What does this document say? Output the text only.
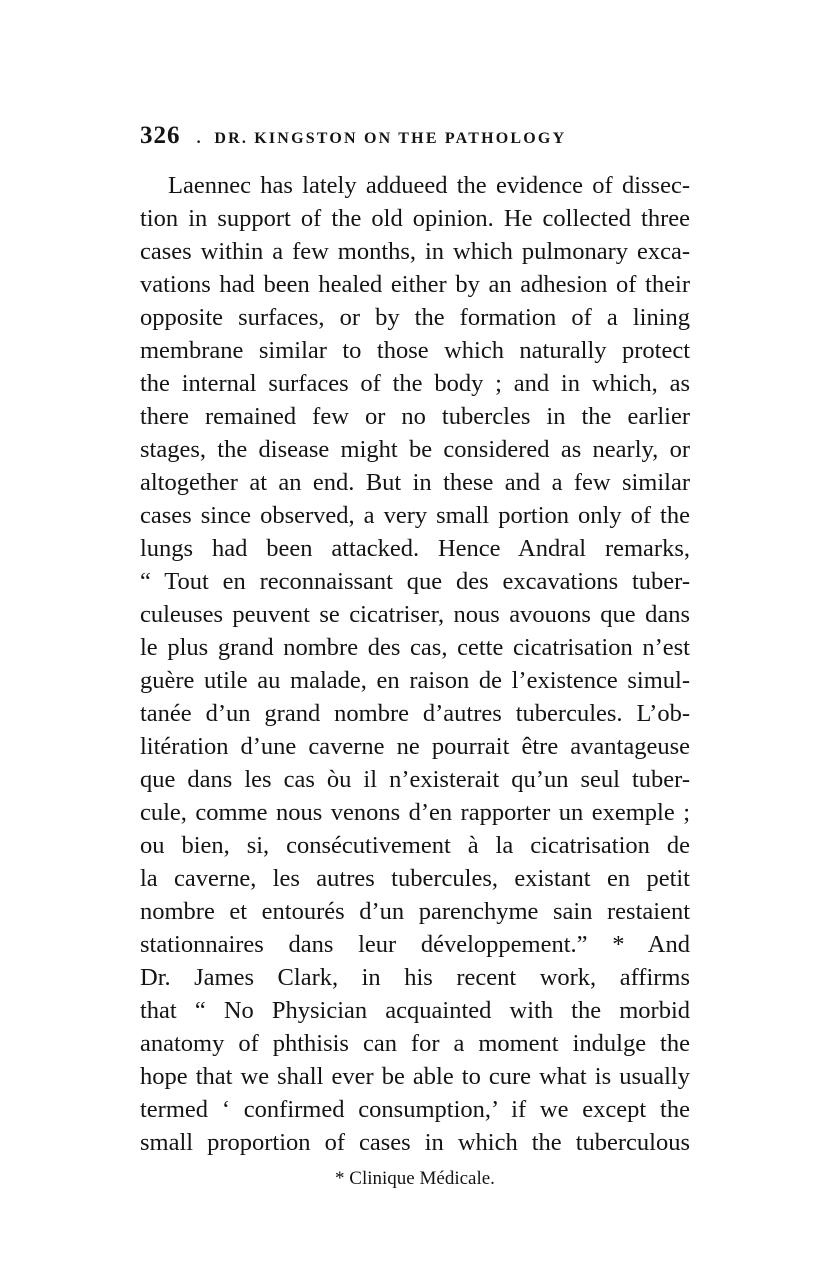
326 . DR. KINGSTON ON THE PATHOLOGY
Laennec has lately addueed the evidence of dissec-
tion in support of the old opinion. He collected three
cases within a few months, in which pulmonary exca-
vations had been healed either by an adhesion of their
opposite surfaces, or by the formation of a lining
membrane similar to those which naturally protect
the internal surfaces of the body ; and in which, as
there remained few or no tubercles in the earlier
stages, the disease might be considered as nearly, or
altogether at an end. But in these and a few similar
cases since observed, a very small portion only of the
lungs had been attacked. Hence Andral remarks,
“ Tout en reconnaissant que des excavations tuber-
culeuses peuvent se cicatriser, nous avouons que dans
le plus grand nombre des cas, cette cicatrisation n’est
guère utile au malade, en raison de l’existence simul-
tanée d’un grand nombre d’autres tubercules. L’ob-
litération d’une caverne ne pourrait être avantageuse
que dans les cas òu il n’existerait qu’un seul tuber-
cule, comme nous venons d’en rapporter un exemple ;
ou bien, si, consécutivement à la cicatrisation de
la caverne, les autres tubercules, existant en petit
nombre et entourés d’un parenchyme sain restaient
stationnaires dans leur développement.” * And
Dr. James Clark, in his recent work, affirms
that “ No Physician acquainted with the morbid
anatomy of phthisis can for a moment indulge the
hope that we shall ever be able to cure what is usually
termed ‘ confirmed consumption,’ if we except the
small proportion of cases in which the tuberculous
* Clinique Médicale.
